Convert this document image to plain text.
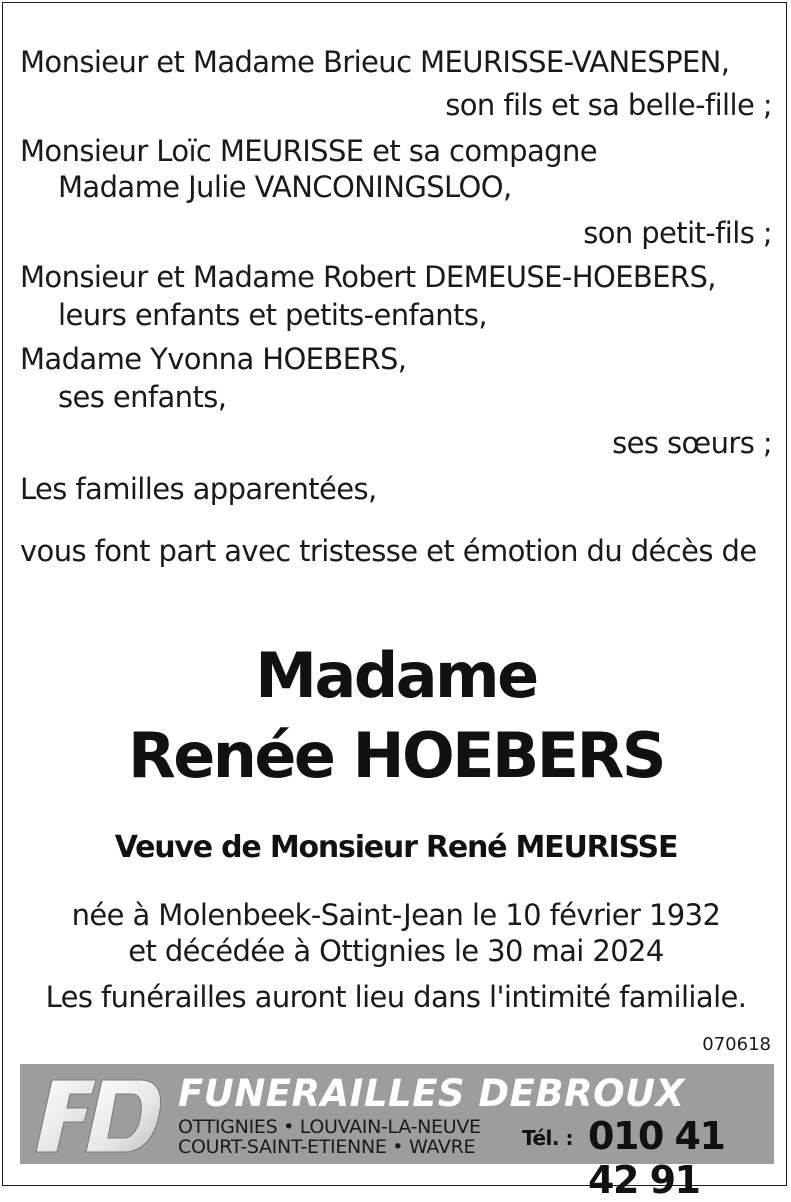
Monsieur et Madame Brieuc MEURISSE-VANESPEN,
son fils et sa belle-fille ;
Monsieur Loïc MEURISSE et sa compagne
Madame Julie VANCONINGSLOO,
son petit-fils ;
Monsieur et Madame Robert DEMEUSE-HOEBERS,
leurs enfants et petits-enfants,
Madame Yvonna HOEBERS,
ses enfants,
ses sœurs ;
Les familles apparentées,
vous font part avec tristesse et émotion du décès de
Madame
Renée HOEBERS
Veuve de Monsieur René MEURISSE
née à Molenbeek-Saint-Jean le 10 février 1932
et décédée à Ottignies le 30 mai 2024
Les funérailles auront lieu dans l'intimité familiale.
070618
FUNERAILLES DEBROUX
OTTIGNIES • LOUVAIN-LA-NEUVE
COURT-SAINT-ETIENNE • WAVRE Tél. : 010 41 42 91
